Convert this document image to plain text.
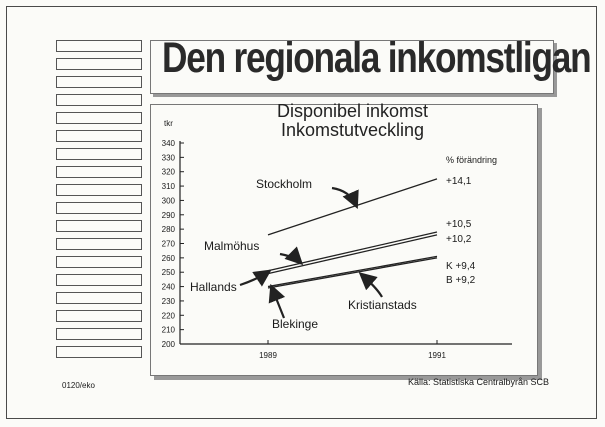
Den regionala inkomstligan
Disponibel inkomst
Inkomstutveckling
200
210
220
230
240
250
260
270
280
290
300
310
320
330
340
tkr
1989	1991
% förändring
+14,1
+10,5
+10,2
K +9,4
B +9,2
Stockholm
Malmöhus
Hallands
Kristianstads
Blekinge
0120/eko	Källa: Statistiska Centralbyrån SCB
